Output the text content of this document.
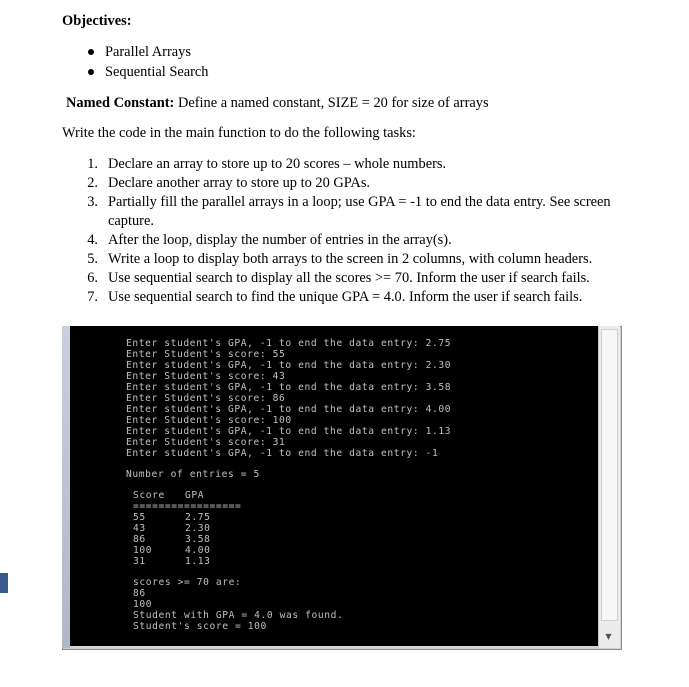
Objectives:
Parallel Arrays
Sequential Search
Named Constant: Define a named constant, SIZE = 20 for size of arrays
Write the code in the main function to do the following tasks:
1. Declare an array to store up to 20 scores – whole numbers.
2. Declare another array to store up to 20 GPAs.
3. Partially fill the parallel arrays in a loop; use GPA = -1 to end the data entry. See screen
capture.
4. After the loop, display the number of entries in the array(s).
5. Write a loop to display both arrays to the screen in 2 columns, with column headers.
6. Use sequential search to display all the scores >= 70. Inform the user if search fails.
7. Use sequential search to find the unique GPA = 4.0. Inform the user if search fails.
▼
Enter student's GPA, -1 to end the data entry: 2.75
Enter Student's score: 55
Enter student's GPA, -1 to end the data entry: 2.30
Enter Student's score: 43
Enter student's GPA, -1 to end the data entry: 3.58
Enter Student's score: 86
Enter student's GPA, -1 to end the data entry: 4.00
Enter Student's score: 100
Enter student's GPA, -1 to end the data entry: 1.13
Enter Student's score: 31
Enter student's GPA, -1 to end the data entry: -1
Number of entries = 5
Score GPA
=================
55	2.75
43	2.30
86	3.58
100	4.00
31	1.13
scores >= 70 are:
86
100
Student with GPA = 4.0 was found.
Student's score = 100
